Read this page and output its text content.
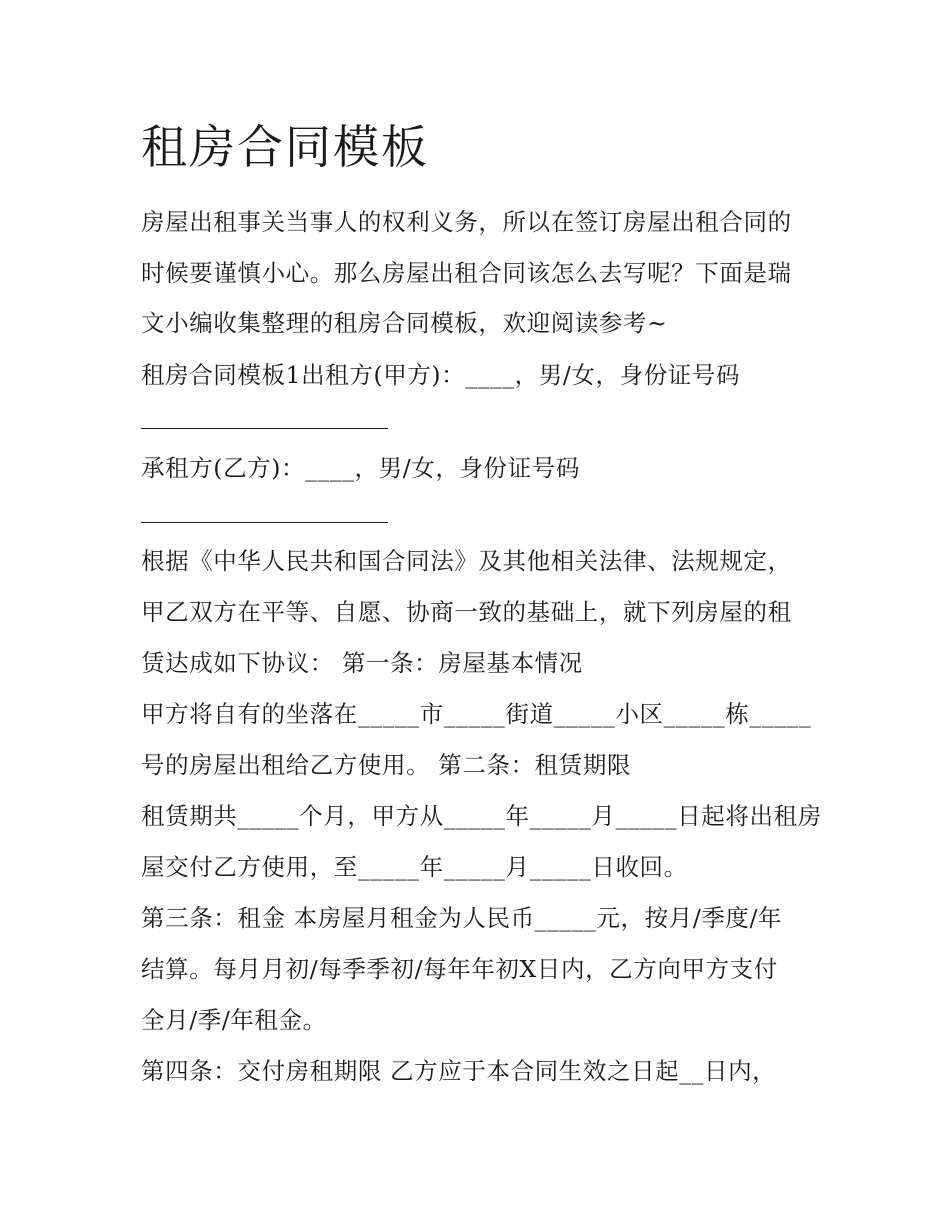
租房合同模板
房屋出租事关当事人的权利义务，所以在签订房屋出租合同的
时候要谨慎小心。那么房屋出租合同该怎么去写呢？下面是瑞
文小编收集整理的租房合同模板，欢迎阅读参考~
租房合同模板1出租方(甲方)：____，男/女，身份证号码
承租方(乙方)：____，男/女，身份证号码
根据《中华人民共和国合同法》及其他相关法律、法规规定，
甲乙双方在平等、自愿、协商一致的基础上，就下列房屋的租
赁达成如下协议： 第一条：房屋基本情况
甲方将自有的坐落在_____市_____街道_____小区_____栋_____
号的房屋出租给乙方使用。 第二条：租赁期限
租赁期共_____个月，甲方从_____年_____月_____日起将出租房
屋交付乙方使用，至_____年_____月_____日收回。
第三条：租金 本房屋月租金为人民币_____元，按月/季度/年
结算。每月月初/每季季初/每年年初X日内，乙方向甲方支付
全月/季/年租金。
第四条：交付房租期限 乙方应于本合同生效之日起__日内，
